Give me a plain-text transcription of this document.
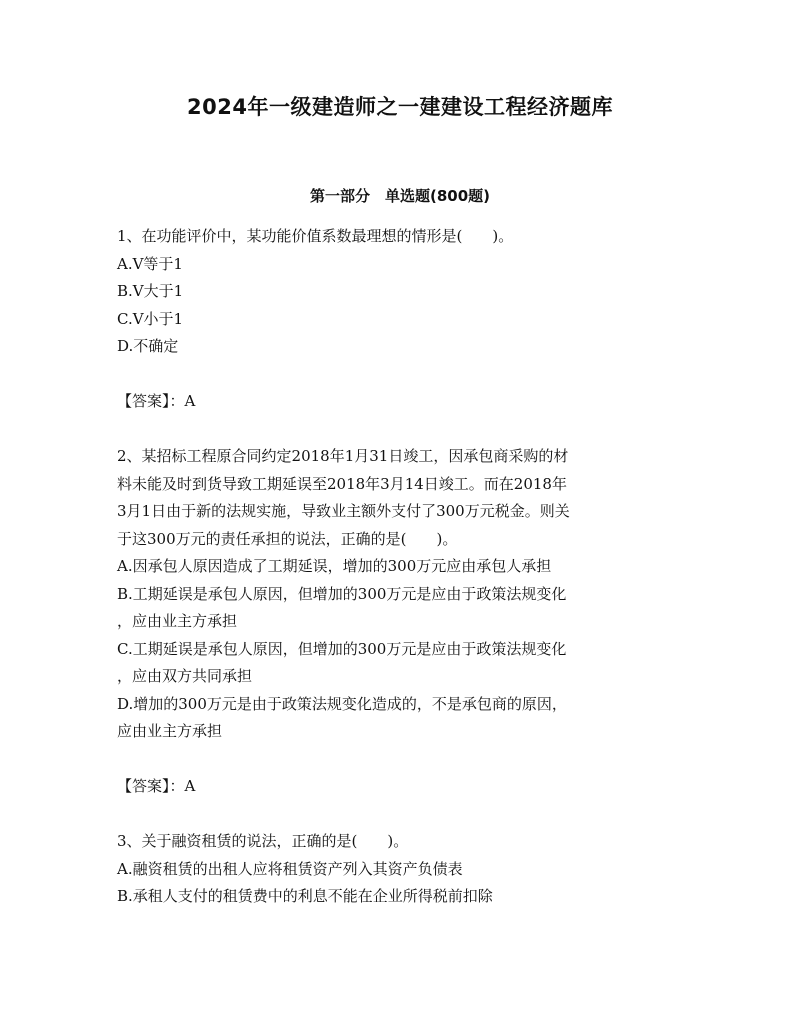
2024年一级建造师之一建建设工程经济题库
第一部分　单选题(800题)
1、在功能评价中，某功能价值系数最理想的情形是(　　)。
A.V等于1
B.V大于1
C.V小于1
D.不确定
【答案】：A
2、某招标工程原合同约定2018年1月31日竣工，因承包商采购的材
料未能及时到货导致工期延误至2018年3月14日竣工。而在2018年
3月1日由于新的法规实施，导致业主额外支付了300万元税金。则关
于这300万元的责任承担的说法，正确的是(　　)。
A.因承包人原因造成了工期延误，增加的300万元应由承包人承担
B.工期延误是承包人原因，但增加的300万元是应由于政策法规变化
，应由业主方承担
C.工期延误是承包人原因，但增加的300万元是应由于政策法规变化
，应由双方共同承担
D.增加的300万元是由于政策法规变化造成的，不是承包商的原因，
应由业主方承担
【答案】：A
3、关于融资租赁的说法，正确的是(　　)。
A.融资租赁的出租人应将租赁资产列入其资产负债表
B.承租人支付的租赁费中的利息不能在企业所得税前扣除
